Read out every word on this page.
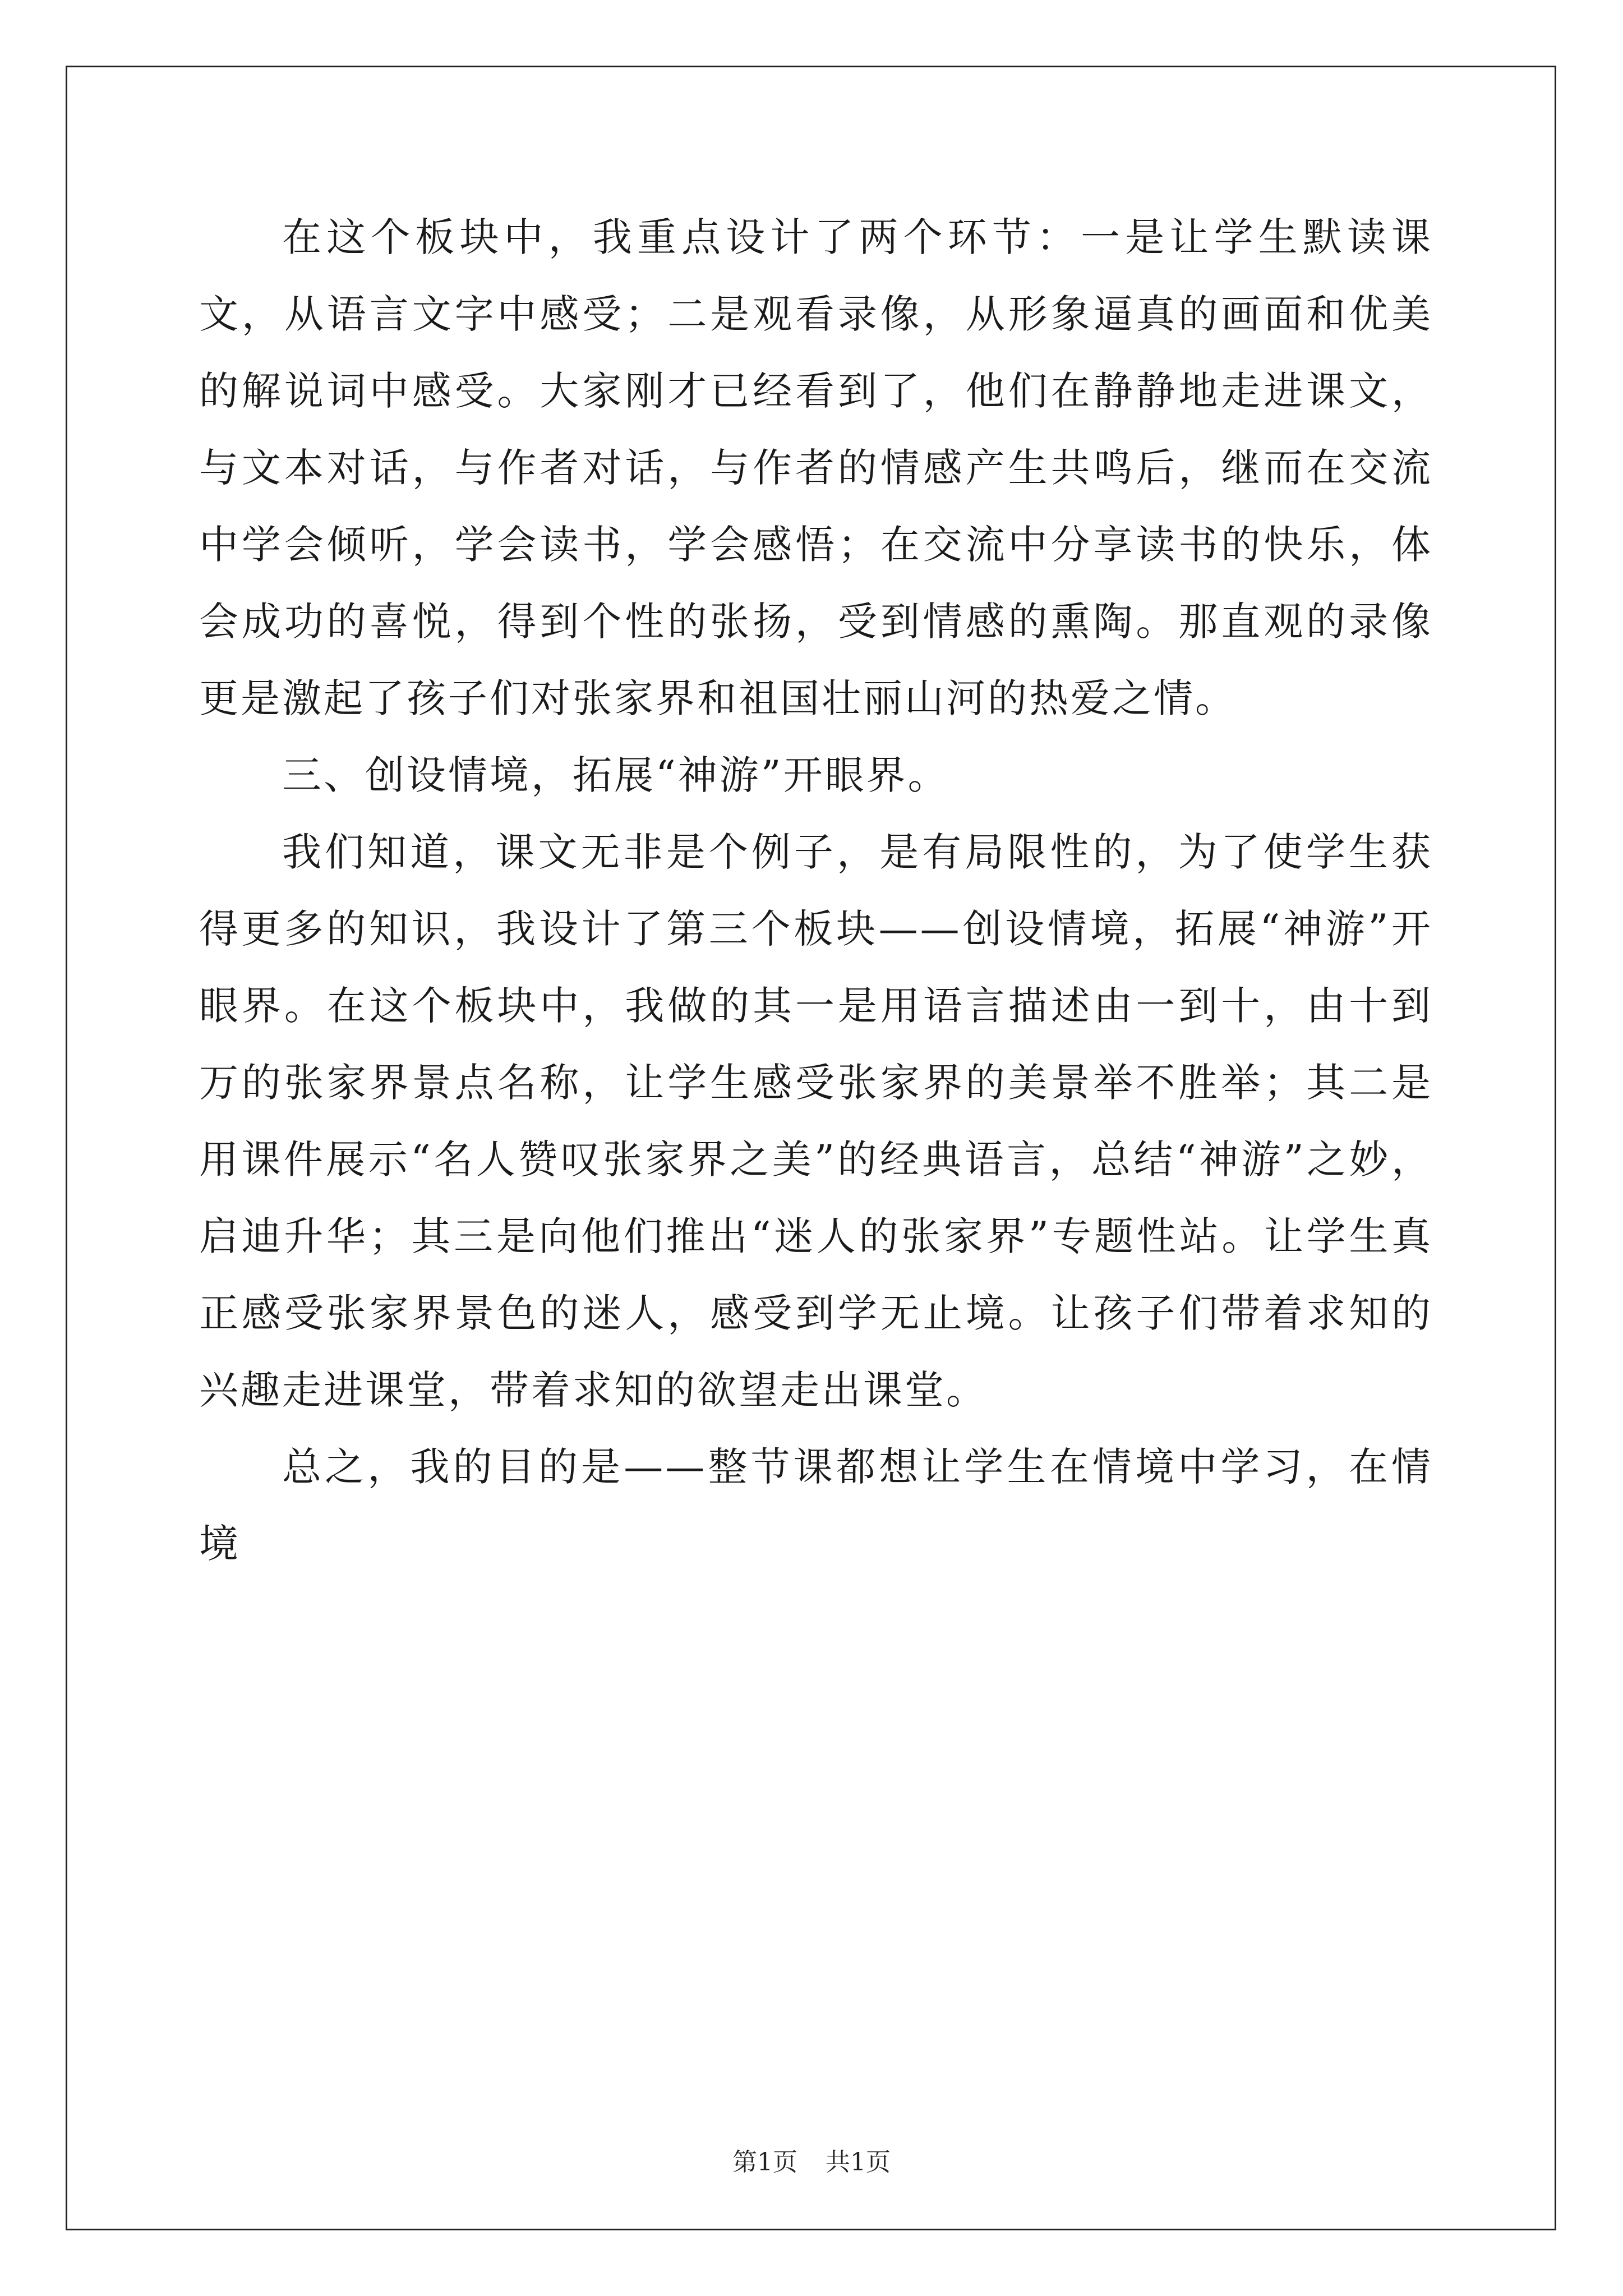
在这个板块中，我重点设计了两个环节：一是让学生默读课文，从语言文字中感受；二是观看录像，从形象逼真的画面和优美的解说词中感受。大家刚才已经看到了，他们在静静地走进课文，与文本对话，与作者对话，与作者的情感产生共鸣后，继而在交流中学会倾听，学会读书，学会感悟；在交流中分享读书的快乐，体会成功的喜悦，得到个性的张扬，受到情感的熏陶。那直观的录像更是激起了孩子们对张家界和祖国壮丽山河的热爱之情。

三、创设情境，拓展“神游”开眼界。

我们知道，课文无非是个例子，是有局限性的，为了使学生获得更多的知识，我设计了第三个板块——创设情境，拓展“神游”开眼界。在这个板块中，我做的其一是用语言描述由一到十，由十到万的张家界景点名称，让学生感受张家界的美景举不胜举；其二是用课件展示“名人赞叹张家界之美”的经典语言，总结“神游”之妙，启迪升华；其三是向他们推出“迷人的张家界”专题性站。让学生真正感受张家界景色的迷人，感受到学无止境。让孩子们带着求知的兴趣走进课堂，带着求知的欲望走出课堂。

总之，我的目的是——整节课都想让学生在情境中学习，在情境

第1页 共1页
